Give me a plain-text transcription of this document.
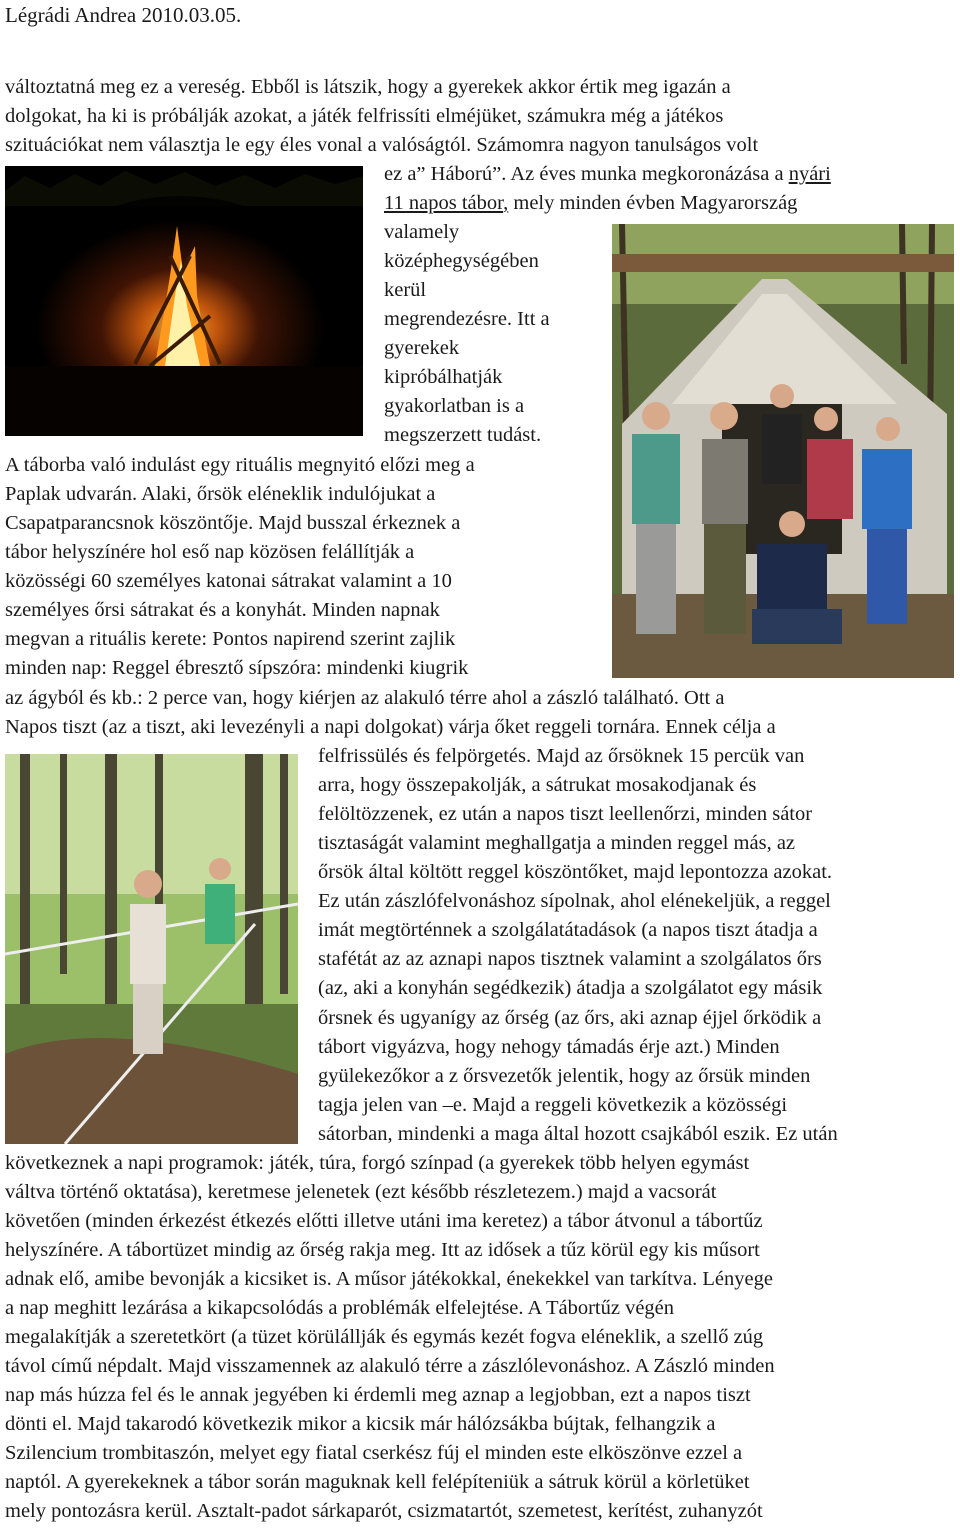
Légrádi Andrea 2010.03.05.
változtatná meg ez a vereség. Ebből is látszik, hogy a gyerekek akkor értik meg igazán a
dolgokat, ha ki is próbálják azokat, a játék felfrissíti elméjüket, számukra még a játékos
szituációkat nem választja le egy éles vonal a valóságtól. Számomra nagyon tanulságos volt
ez a” Háború”. Az éves munka megkoronázása a nyári
11 napos tábor, mely minden évben Magyarország
valamely
középhegységében
kerül
megrendezésre. Itt a
gyerekek
kipróbálhatják
gyakorlatban is a
megszerzett tudást.
A táborba való indulást egy rituális megnyitó előzi meg a
Paplak udvarán. Alaki, őrsök eléneklik indulójukat a
Csapatparancsnok köszöntője. Majd busszal érkeznek a
tábor helyszínére hol eső nap közösen felállítják a
közösségi 60 személyes katonai sátrakat valamint a 10
személyes őrsi sátrakat és a konyhát. Minden napnak
megvan a rituális kerete: Pontos napirend szerint zajlik
minden nap: Reggel ébresztő sípszóra: mindenki kiugrik
az ágyból és kb.: 2 perce van, hogy kiérjen az alakuló térre ahol a zászló található. Ott a
Napos tiszt (az a tiszt, aki levezényli a napi dolgokat) várja őket reggeli tornára. Ennek célja a
felfrissülés és felpörgetés. Majd az őrsöknek 15 percük van
arra, hogy összepakolják, a sátrukat mosakodjanak és
felöltözzenek, ez után a napos tiszt leellenőrzi, minden sátor
tisztaságát valamint meghallgatja a minden reggel más, az
őrsök által költött reggel köszöntőket, majd lepontozza azokat.
Ez után zászlófelvonáshoz sípolnak, ahol elénekeljük, a reggel
imát megtörténnek a szolgálatátadások (a napos tiszt átadja a
stafétát az az aznapi napos tisztnek valamint a szolgálatos őrs
(az, aki a konyhán segédkezik) átadja a szolgálatot egy másik
őrsnek és ugyanígy az őrség (az őrs, aki aznap éjjel őrködik a
tábort vigyázva, hogy nehogy támadás érje azt.) Minden
gyülekezőkor a z őrsvezetők jelentik, hogy az őrsük minden
tagja jelen van –e. Majd a reggeli következik a közösségi
sátorban, mindenki a maga által hozott csajkából eszik. Ez után
következnek a napi programok: játék, túra, forgó színpad (a gyerekek több helyen egymást
váltva történő oktatása), keretmese jelenetek (ezt később részletezem.) majd a vacsorát
követően (minden érkezést étkezés előtti illetve utáni ima keretez) a tábor átvonul a tábortűz
helyszínére. A tábortüzet mindig az őrség rakja meg. Itt az idősek a tűz körül egy kis műsort
adnak elő, amibe bevonják a kicsiket is. A műsor játékokkal, énekekkel van tarkítva. Lényege
a nap meghitt lezárása a kikapcsolódás a problémák elfelejtése. A Tábortűz végén
megalakítják a szeretetkört (a tüzet körülállják és egymás kezét fogva eléneklik, a szellő zúg
távol című népdalt. Majd visszamennek az alakuló térre a zászlólevonáshoz. A Zászló minden
nap más húzza fel és le annak jegyében ki érdemli meg aznap a legjobban, ezt a napos tiszt
dönti el. Majd takarodó következik mikor a kicsik már hálózsákba bújtak, felhangzik a
Szilencium trombitaszón, melyet egy fiatal cserkész fúj el minden este elköszönve ezzel a
naptól. A gyerekeknek a tábor során maguknak kell felépíteniük a sátruk körül a körletüket
mely pontozásra kerül. Asztalt-padot sárkaparót, csizmatartót, szemetest, kerítést, zuhanyzót
